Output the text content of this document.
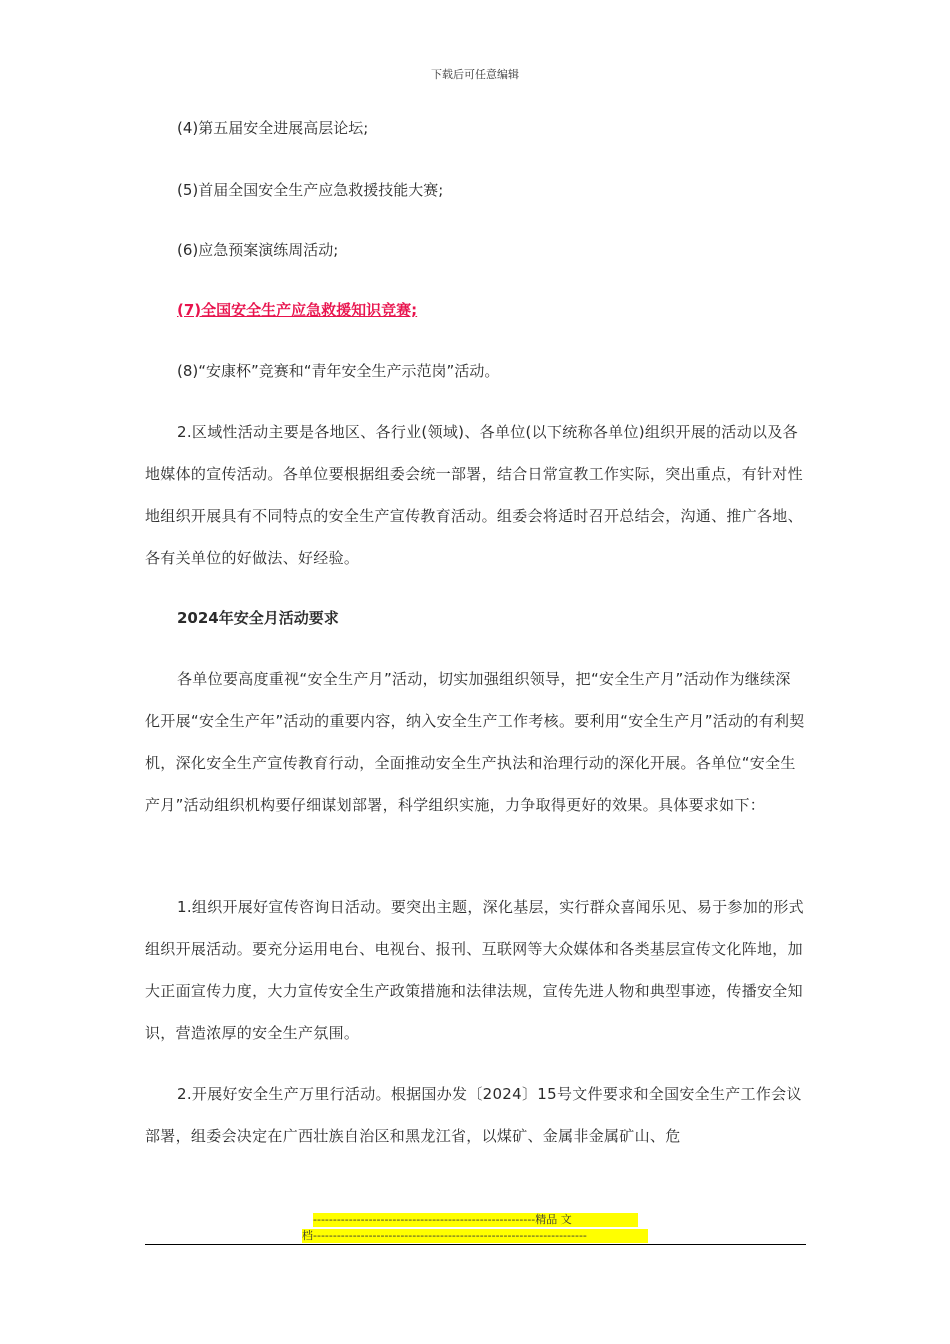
下载后可任意编辑
(4)第五届安全进展高层论坛;
(5)首届全国安全生产应急救援技能大赛;
(6)应急预案演练周活动;
(7)全国安全生产应急救援知识竞赛;
(8)“安康杯”竞赛和“青年安全生产示范岗”活动。
2.区域性活动主要是各地区、各行业(领域)、各单位(以下统称各单位)组织开展的活动以及各地媒体的宣传活动。各单位要根据组委会统一部署，结合日常宣教工作实际，突出重点，有针对性地组织开展具有不同特点的安全生产宣传教育活动。组委会将适时召开总结会，沟通、推广各地、各有关单位的好做法、好经验。
2024年安全月活动要求
各单位要高度重视“安全生产月”活动，切实加强组织领导，把“安全生产月”活动作为继续深化开展“安全生产年”活动的重要内容，纳入安全生产工作考核。要利用“安全生产月”活动的有利契机，深化安全生产宣传教育行动，全面推动安全生产执法和治理行动的深化开展。各单位“安全生产月”活动组织机构要仔细谋划部署，科学组织实施，力争取得更好的效果。具体要求如下：
1.组织开展好宣传咨询日活动。要突出主题，深化基层，实行群众喜闻乐见、易于参加的形式组织开展活动。要充分运用电台、电视台、报刊、互联网等大众媒体和各类基层宣传文化阵地，加大正面宣传力度，大力宣传安全生产政策措施和法律法规，宣传先进人物和典型事迹，传播安全知识，营造浓厚的安全生产氛围。
2.开展好安全生产万里行活动。根据国办发〔2024〕15号文件要求和全国安全生产工作会议部署，组委会决定在广西壮族自治区和黑龙江省，以煤矿、金属非金属矿山、危
--------------------------------------------------------精品 文
档---------------------------------------------------------------------
